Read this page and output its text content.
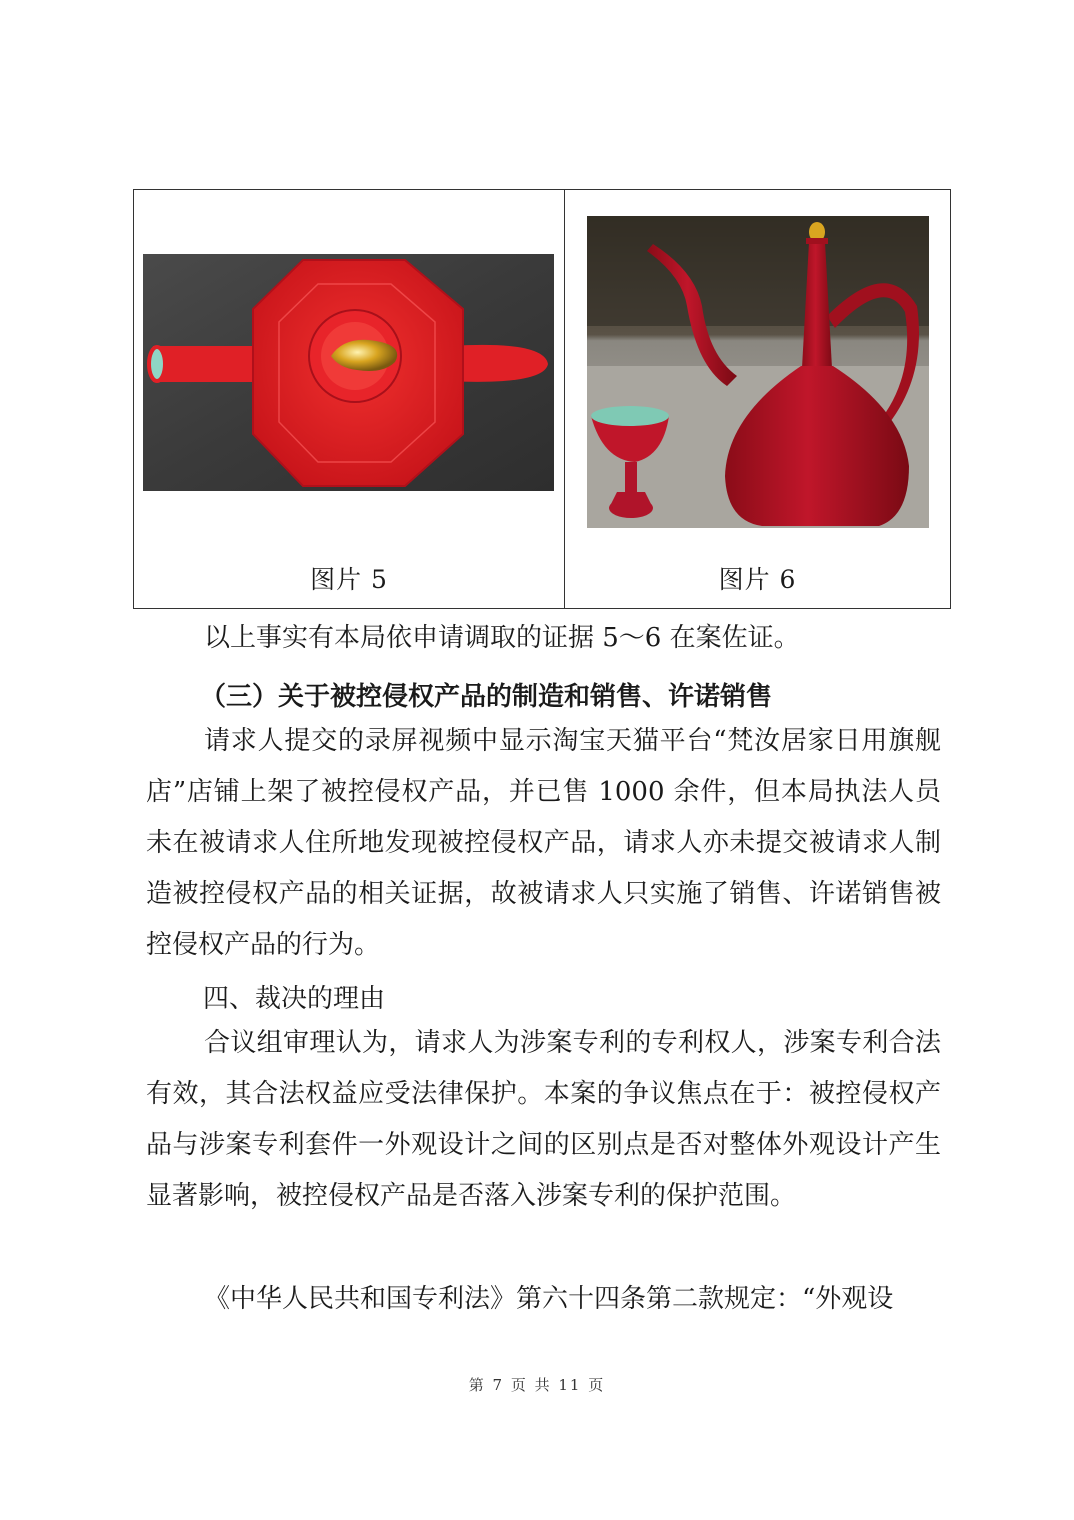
图片 5	图片 6
以上事实有本局依申请调取的证据 5～6 在案佐证。
（三）关于被控侵权产品的制造和销售、许诺销售
请求人提交的录屏视频中显示淘宝天猫平台“梵汝居家日用旗舰店”店铺上架了被控侵权产品，并已售 1000 余件，但本局执法人员未在被请求人住所地发现被控侵权产品，请求人亦未提交被请求人制造被控侵权产品的相关证据，故被请求人只实施了销售、许诺销售被控侵权产品的行为。
四、裁决的理由
合议组审理认为，请求人为涉案专利的专利权人，涉案专利合法有效，其合法权益应受法律保护。本案的争议焦点在于：被控侵权产品与涉案专利套件一外观设计之间的区别点是否对整体外观设计产生显著影响，被控侵权产品是否落入涉案专利的保护范围。
《中华人民共和国专利法》第六十四条第二款规定：“外观设
第 7 页 共 11 页
